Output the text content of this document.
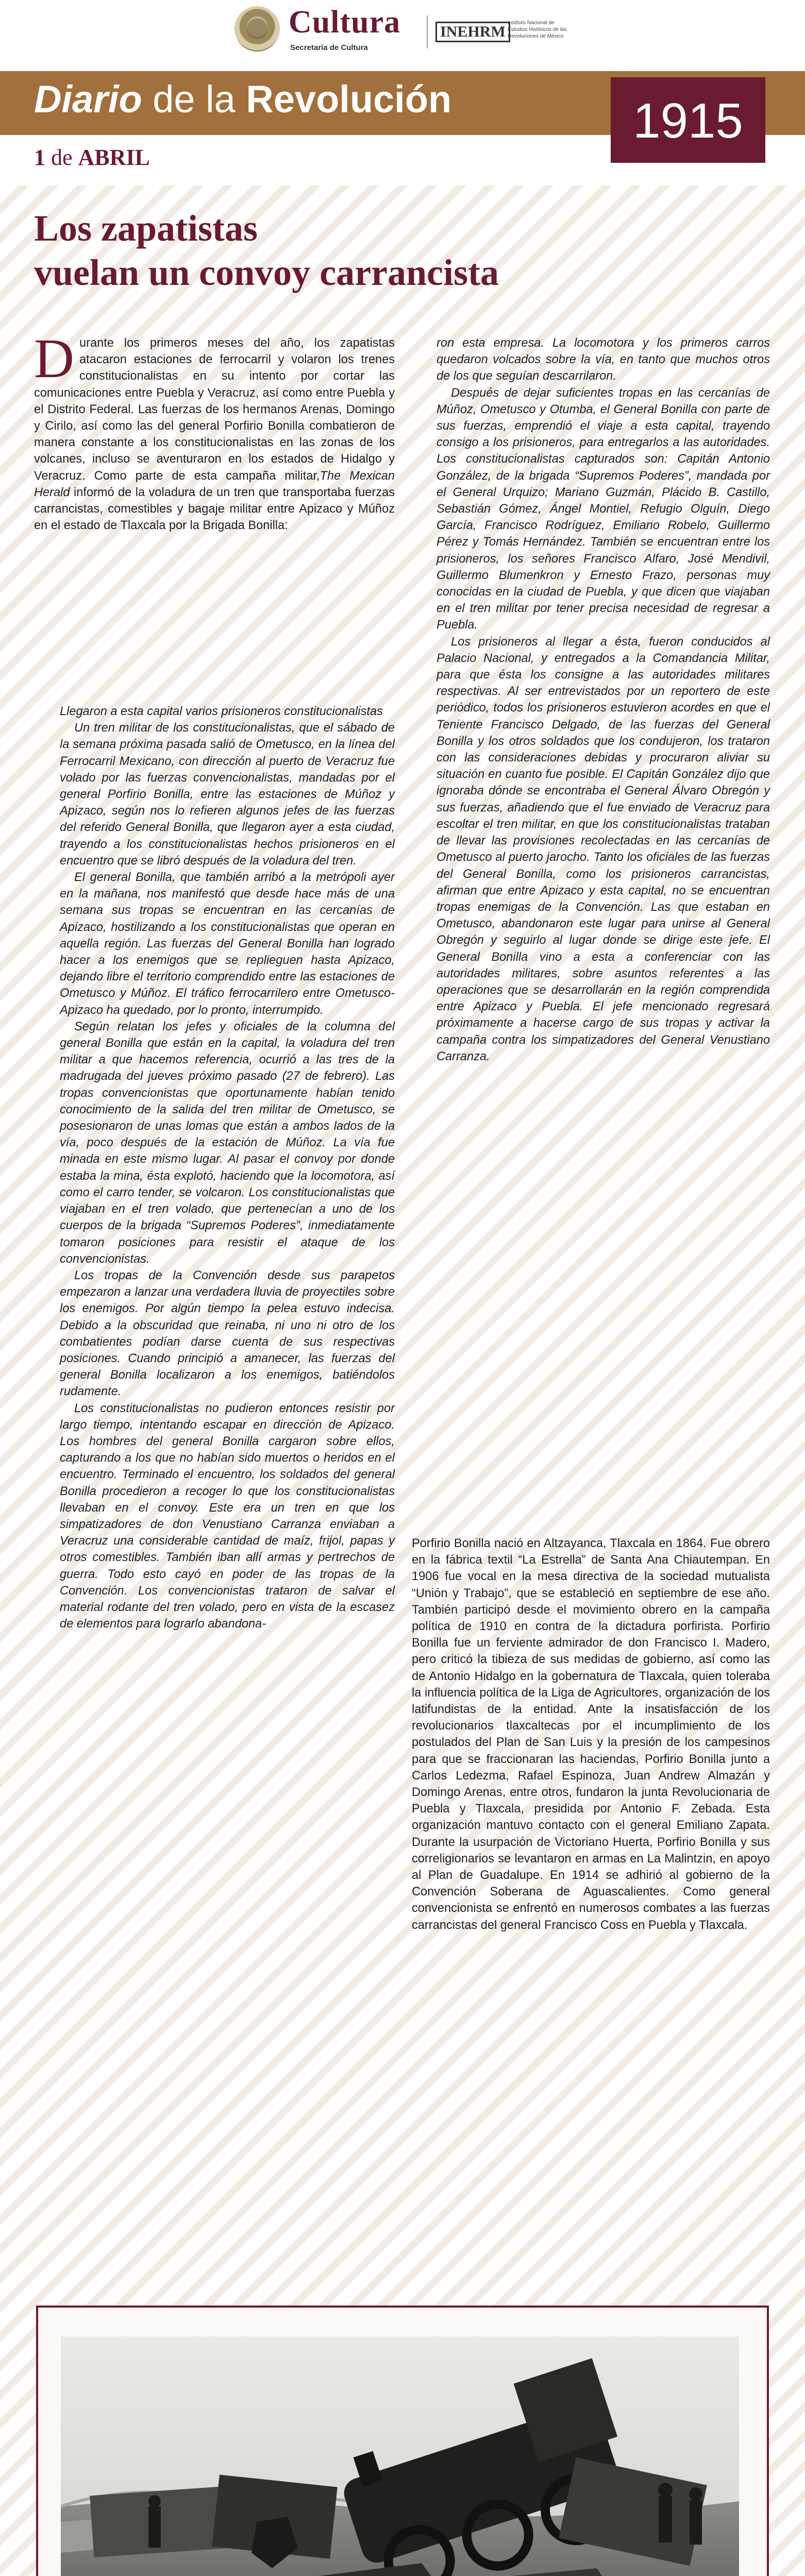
Cultura
Secretaría de Cultura
INEHRM
Instituto Nacional de Estudios Históricos de las Revoluciones de México
Diario de la Revolución	1915
1 de ABRIL
Los zapatistas
vuelan un convoy carrancista
Durante los primeros meses del año, los zapatistas atacaron estaciones de ferrocarril y volaron los trenes constitucionalistas en su intento por cortar las comunicaciones entre Puebla y Veracruz, así como entre Puebla y el Distrito Federal. Las fuerzas de los hermanos Arenas, Domingo y Cirilo, así como las del general Porfirio Bonilla combatieron de manera constante a los constitucionalistas en las zonas de los volcanes, incluso se aventuraron en los estados de Hidalgo y Veracruz. Como parte de esta campaña militar,The Mexican Herald informó de la voladura de un tren que transportaba fuerzas carrancistas, comestibles y bagaje militar entre Apizaco y Múñoz en el estado de Tlaxcala por la Brigada Bonilla:

Llegaron a esta capital varios prisioneros constitucionalistas

Un tren militar de los constitucionalistas, que el sábado de la semana próxima pasada salió de Ometusco, en la línea del Ferrocarril Mexicano, con dirección al puerto de Veracruz fue volado por las fuerzas convencionalistas, mandadas por el general Porfirio Bonilla, entre las estaciones de Múñoz y Apizaco, según nos lo refieren algunos jefes de las fuerzas del referido General Bonilla, que llegaron ayer a esta ciudad, trayendo a los constitucionalistas hechos prisioneros en el encuentro que se libró después de la voladura del tren.

El general Bonilla, que también arribó a la metrópoli ayer en la mañana, nos manifestó que desde hace más de una semana sus tropas se encuentran en las cercanías de Apizaco, hostilizando a los constitucionalistas que operan en aquella región. Las fuerzas del General Bonilla han logrado hacer a los enemigos que se replieguen hasta Apizaco, dejando libre el territorio comprendido entre las estaciones de Ometusco y Múñoz. El tráfico ferrocarrilero entre Ometusco-Apizaco ha quedado, por lo pronto, interrumpido.

Según relatan los jefes y oficiales de la columna del general Bonilla que están en la capital, la voladura del tren militar a que hacemos referencia, ocurrió a las tres de la madrugada del jueves próximo pasado (27 de febrero). Las tropas convencionistas que oportunamente habían tenido conocimiento de la salida del tren militar de Ometusco, se posesionaron de unas lomas que están a ambos lados de la vía, poco después de la estación de Múñoz. La vía fue minada en este mismo lugar. Al pasar el convoy por donde estaba la mina, ésta explotó, haciendo que la locomotora, así como el carro tender, se volcaron. Los constitucionalistas que viajaban en el tren volado, que pertenecían a uno de los cuerpos de la brigada “Supremos Poderes”, inmediatamente tomaron posiciones para resistir el ataque de los convencionistas.

Los tropas de la Convención desde sus parapetos empezaron a lanzar una verdadera lluvia de proyectiles sobre los enemigos. Por algún tiempo la pelea estuvo indecisa. Debido a la obscuridad que reinaba, ni uno ni otro de los combatientes podían darse cuenta de sus respectivas posiciones. Cuando principió a amanecer, las fuerzas del general Bonilla localizaron a los enemigos, batiéndolos rudamente.

Los constitucionalistas no pudieron entonces resistir por largo tiempo, intentando escapar en dirección de Apizaco. Los hombres del general Bonilla cargaron sobre ellos, capturando a los que no habían sido muertos o heridos en el encuentro. Terminado el encuentro, los soldados del general Bonilla procedieron a recoger lo que los constitucionalistas llevaban en el convoy. Este era un tren en que los simpatizadores de don Venustiano Carranza enviaban a Veracruz una considerable cantidad de maíz, frijol, papas y otros comestibles. También iban allí armas y pertrechos de guerra. Todo esto cayó en poder de las tropas de la Convención. Los convencionistas trataron de salvar el material rodante del tren volado, pero en vista de la escasez de elementos para lograrlo abandona-

ron esta empresa. La locomotora y los primeros carros quedaron volcados sobre la vía, en tanto que muchos otros de los que seguían descarrilaron.

Después de dejar suficientes tropas en las cercanías de Múñoz, Ometusco y Otumba, el General Bonilla con parte de sus fuerzas, emprendió el viaje a esta capital, trayendo consigo a los prisioneros, para entregarlos a las autoridades. Los constitucionalistas capturados son: Capitán Antonio González, de la brigada “Supremos Poderes”, mandada por el General Urquizo; Mariano Guzmán, Plácido B. Castillo, Sebastián Gómez, Ángel Montiel, Refugio Olguín, Diego García, Francisco Rodríguez, Emiliano Robelo, Guillermo Pérez y Tomás Hernández. También se encuentran entre los prisioneros, los señores Francisco Alfaro, José Mendivil, Guillermo Blumenkron y Ernesto Frazo, personas muy conocidas en la ciudad de Puebla, y que dicen que viajaban en el tren militar por tener precisa necesidad de regresar a Puebla.

Los prisioneros al llegar a ésta, fueron conducidos al Palacio Nacional, y entregados a la Comandancia Militar, para que ésta los consigne a las autoridades militares respectivas. Al ser entrevistados por un reportero de este periódico, todos los prisioneros estuvieron acordes en que el Teniente Francisco Delgado, de las fuerzas del General Bonilla y los otros soldados que los condujeron, los trataron con las consideraciones debidas y procuraron aliviar su situación en cuanto fue posible. El Capitán González dijo que ignoraba dónde se encontraba el General Álvaro Obregón y sus fuerzas, añadiendo que el fue enviado de Veracruz para escoltar el tren militar, en que los constitucionalistas trataban de llevar las provisiones recolectadas en las cercanías de Ometusco al puerto jarocho. Tanto los oficiales de las fuerzas del General Bonilla, como los prisioneros carrancistas, afirman que entre Apizaco y esta capital, no se encuentran tropas enemigas de la Convención. Las que estaban en Ometusco, abandonaron este lugar para unirse al General Obregón y seguirlo al lugar donde se dirige este jefe. El General Bonilla vino a esta a conferenciar con las autoridades militares, sobre asuntos referentes a las operaciones que se desarrollarán en la región comprendida entre Apizaco y Puebla. El jefe mencionado regresará próximamente a hacerse cargo de sus tropas y activar la campaña contra los simpatizadores del General Venustiano Carranza.

Porfirio Bonilla nació en Altzayanca, Tlaxcala en 1864. Fue obrero en la fábrica textil “La Estrella” de Santa Ana Chiautempan. En 1906 fue vocal en la mesa directiva de la sociedad mutualista “Unión y Trabajo”, que se estableció en septiembre de ese año. También participó desde el movimiento obrero en la campaña política de 1910 en contra de la dictadura porfirista. Porfirio Bonilla fue un ferviente admirador de don Francisco I. Madero, pero criticó la tibieza de sus medidas de gobierno, así como las de Antonio Hidalgo en la gobernatura de Tlaxcala, quien toleraba la influencia política de la Liga de Agricultores, organización de los latifundistas de la entidad. Ante la insatisfacción de los revolucionarios tlaxcaltecas por el incumplimiento de los postulados del Plan de San Luis y la presión de los campesinos para que se fraccionaran las haciendas, Porfirio Bonilla junto a Carlos Ledezma, Rafael Espinoza, Juan Andrew Almazán y Domingo Arenas, entre otros, fundaron la junta Revolucionaria de Puebla y Tlaxcala, presidida por Antonio F. Zebada. Esta organización mantuvo contacto con el general Emiliano Zapata. Durante la usurpación de Victoriano Huerta, Porfirio Bonilla y sus correligionarios se levantaron en armas en La Malintzin, en apoyo al Plan de Guadalupe. En 1914 se adhirió al gobierno de la Convención Soberana de Aguascalientes. Como general convencionista se enfrentó en numerosos combates a las fuerzas carrancistas del general Francisco Coss en Puebla y Tlaxcala.
